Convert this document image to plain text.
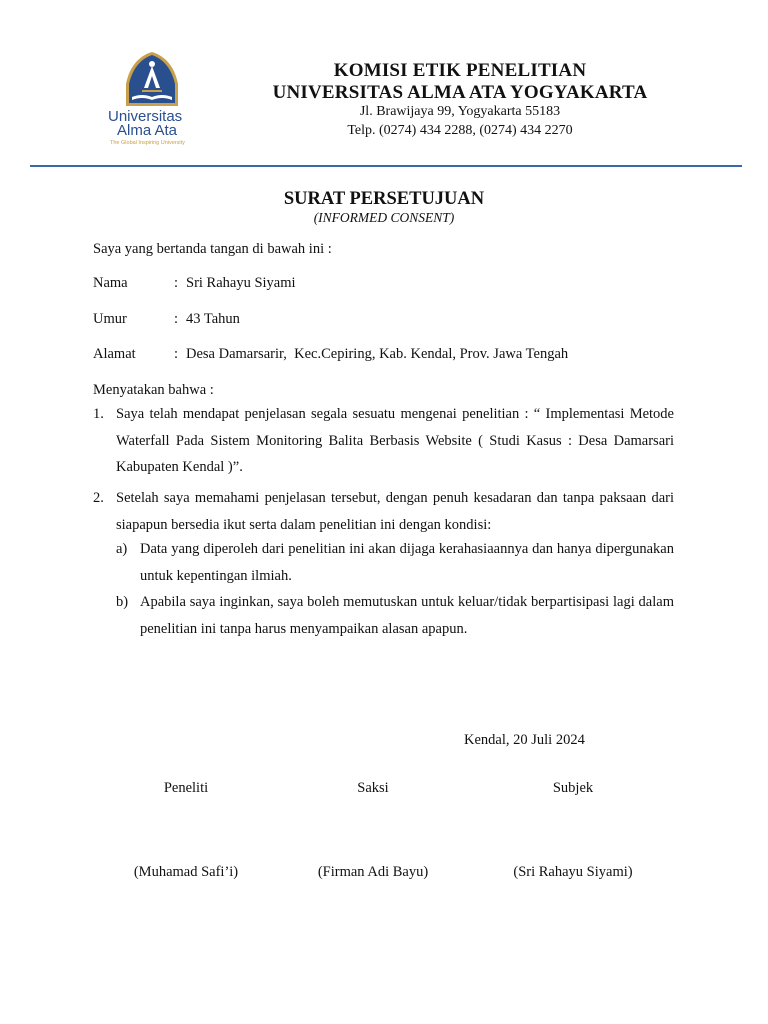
Universitas
Alma Ata
The Global Inspiring University
KOMISI ETIK PENELITIAN
UNIVERSITAS ALMA ATA YOGYAKARTA
Jl. Brawijaya 99, Yogyakarta 55183
Telp. (0274) 434 2288, (0274) 434 2270
SURAT PERSETUJUAN
(INFORMED CONSENT)
Saya yang bertanda tangan di bawah ini :
Nama	: Sri Rahayu Siyami
Umur	: 43 Tahun
Alamat	: Desa Damarsarir,  Kec.Cepiring, Kab. Kendal, Prov. Jawa Tengah
Menyatakan bahwa :
1. Saya telah mendapat penjelasan segala sesuatu mengenai penelitian : “ Implementasi Metode Waterfall Pada Sistem Monitoring Balita Berbasis Website ( Studi Kasus : Desa Damarsari Kabupaten Kendal )”.
2. Setelah saya memahami penjelasan tersebut, dengan penuh kesadaran dan tanpa paksaan dari siapapun bersedia ikut serta dalam penelitian ini dengan kondisi:
a) Data yang diperoleh dari penelitian ini akan dijaga kerahasiaannya dan hanya dipergunakan untuk kepentingan ilmiah.
b) Apabila saya inginkan, saya boleh memutuskan untuk keluar/tidak berpartisipasi lagi dalam penelitian ini tanpa harus menyampaikan alasan apapun.
Kendal, 20 Juli 2024
Peneliti	Saksi	Subjek
(Muhamad Safi’i)	(Firman Adi Bayu)	(Sri Rahayu Siyami)
